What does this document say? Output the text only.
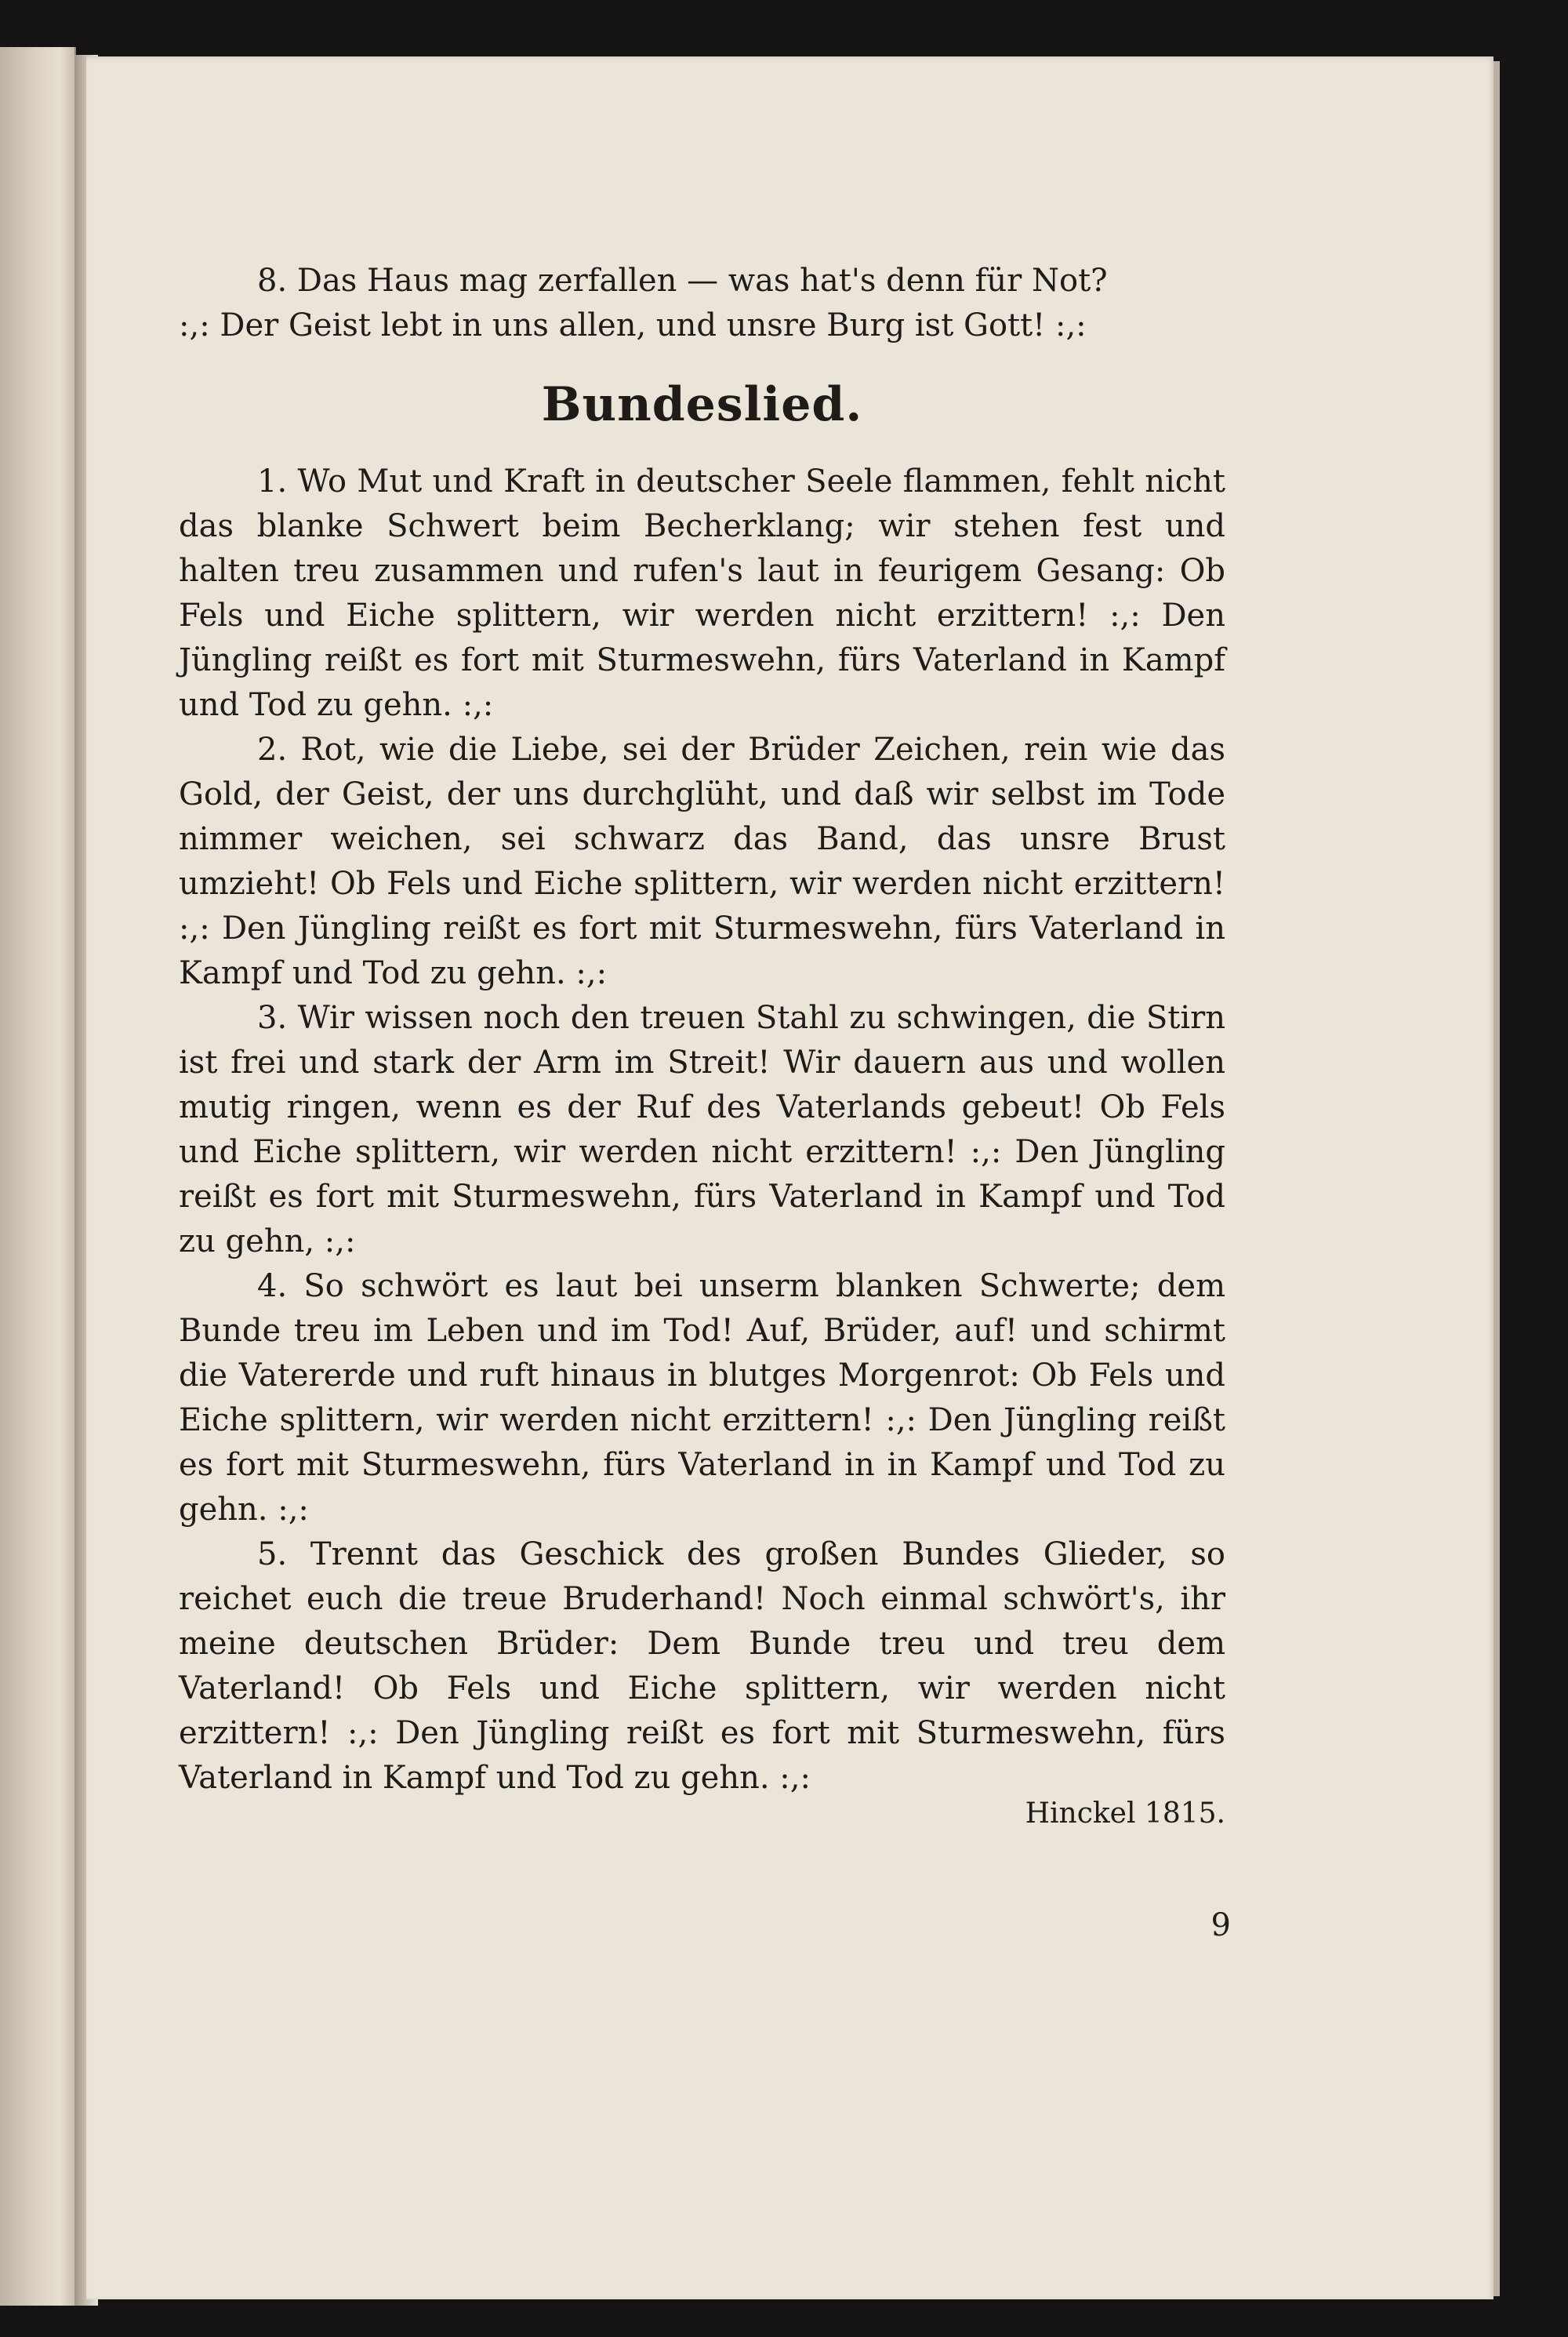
8. Das Haus mag zerfallen — was hat's denn für Not?

:,: Der Geist lebt in uns allen, und unsre Burg ist Gott! :,:

Bundeslied.

1. Wo Mut und Kraft in deutscher Seele flammen, fehlt nicht das blanke Schwert beim Becherklang; wir stehen fest und halten treu zusammen und rufen's laut in feurigem Gesang: Ob Fels und Eiche splittern, wir werden nicht erzittern! :,: Den Jüngling reißt es fort mit Sturmeswehn, fürs Vaterland in Kampf und Tod zu gehn. :,:

2. Rot, wie die Liebe, sei der Brüder Zeichen, rein wie das Gold, der Geist, der uns durchglüht, und daß wir selbst im Tode nimmer weichen, sei schwarz das Band, das unsre Brust umzieht! Ob Fels und Eiche splittern, wir werden nicht erzittern! :,: Den Jüngling reißt es fort mit Sturmeswehn, fürs Vaterland in Kampf und Tod zu gehn. :,:

3. Wir wissen noch den treuen Stahl zu schwingen, die Stirn ist frei und stark der Arm im Streit! Wir dauern aus und wollen mutig ringen, wenn es der Ruf des Vaterlands gebeut! Ob Fels und Eiche splittern, wir werden nicht erzittern! :,: Den Jüngling reißt es fort mit Sturmeswehn, fürs Vaterland in Kampf und Tod zu gehn, :,:

4. So schwört es laut bei unserm blanken Schwerte; dem Bunde treu im Leben und im Tod! Auf, Brüder, auf! und schirmt die Vatererde und ruft hinaus in blutges Morgenrot: Ob Fels und Eiche splittern, wir werden nicht erzittern! :,: Den Jüngling reißt es fort mit Sturmeswehn, fürs Vaterland in in Kampf und Tod zu gehn. :,:

5. Trennt das Geschick des großen Bundes Glieder, so reichet euch die treue Bruderhand! Noch einmal schwört's, ihr meine deutschen Brüder: Dem Bunde treu und treu dem Vaterland! Ob Fels und Eiche splittern, wir werden nicht erzittern! :,: Den Jüngling reißt es fort mit Sturmeswehn, fürs Vaterland in Kampf und Tod zu gehn. :,:

Hinckel 1815.

9
